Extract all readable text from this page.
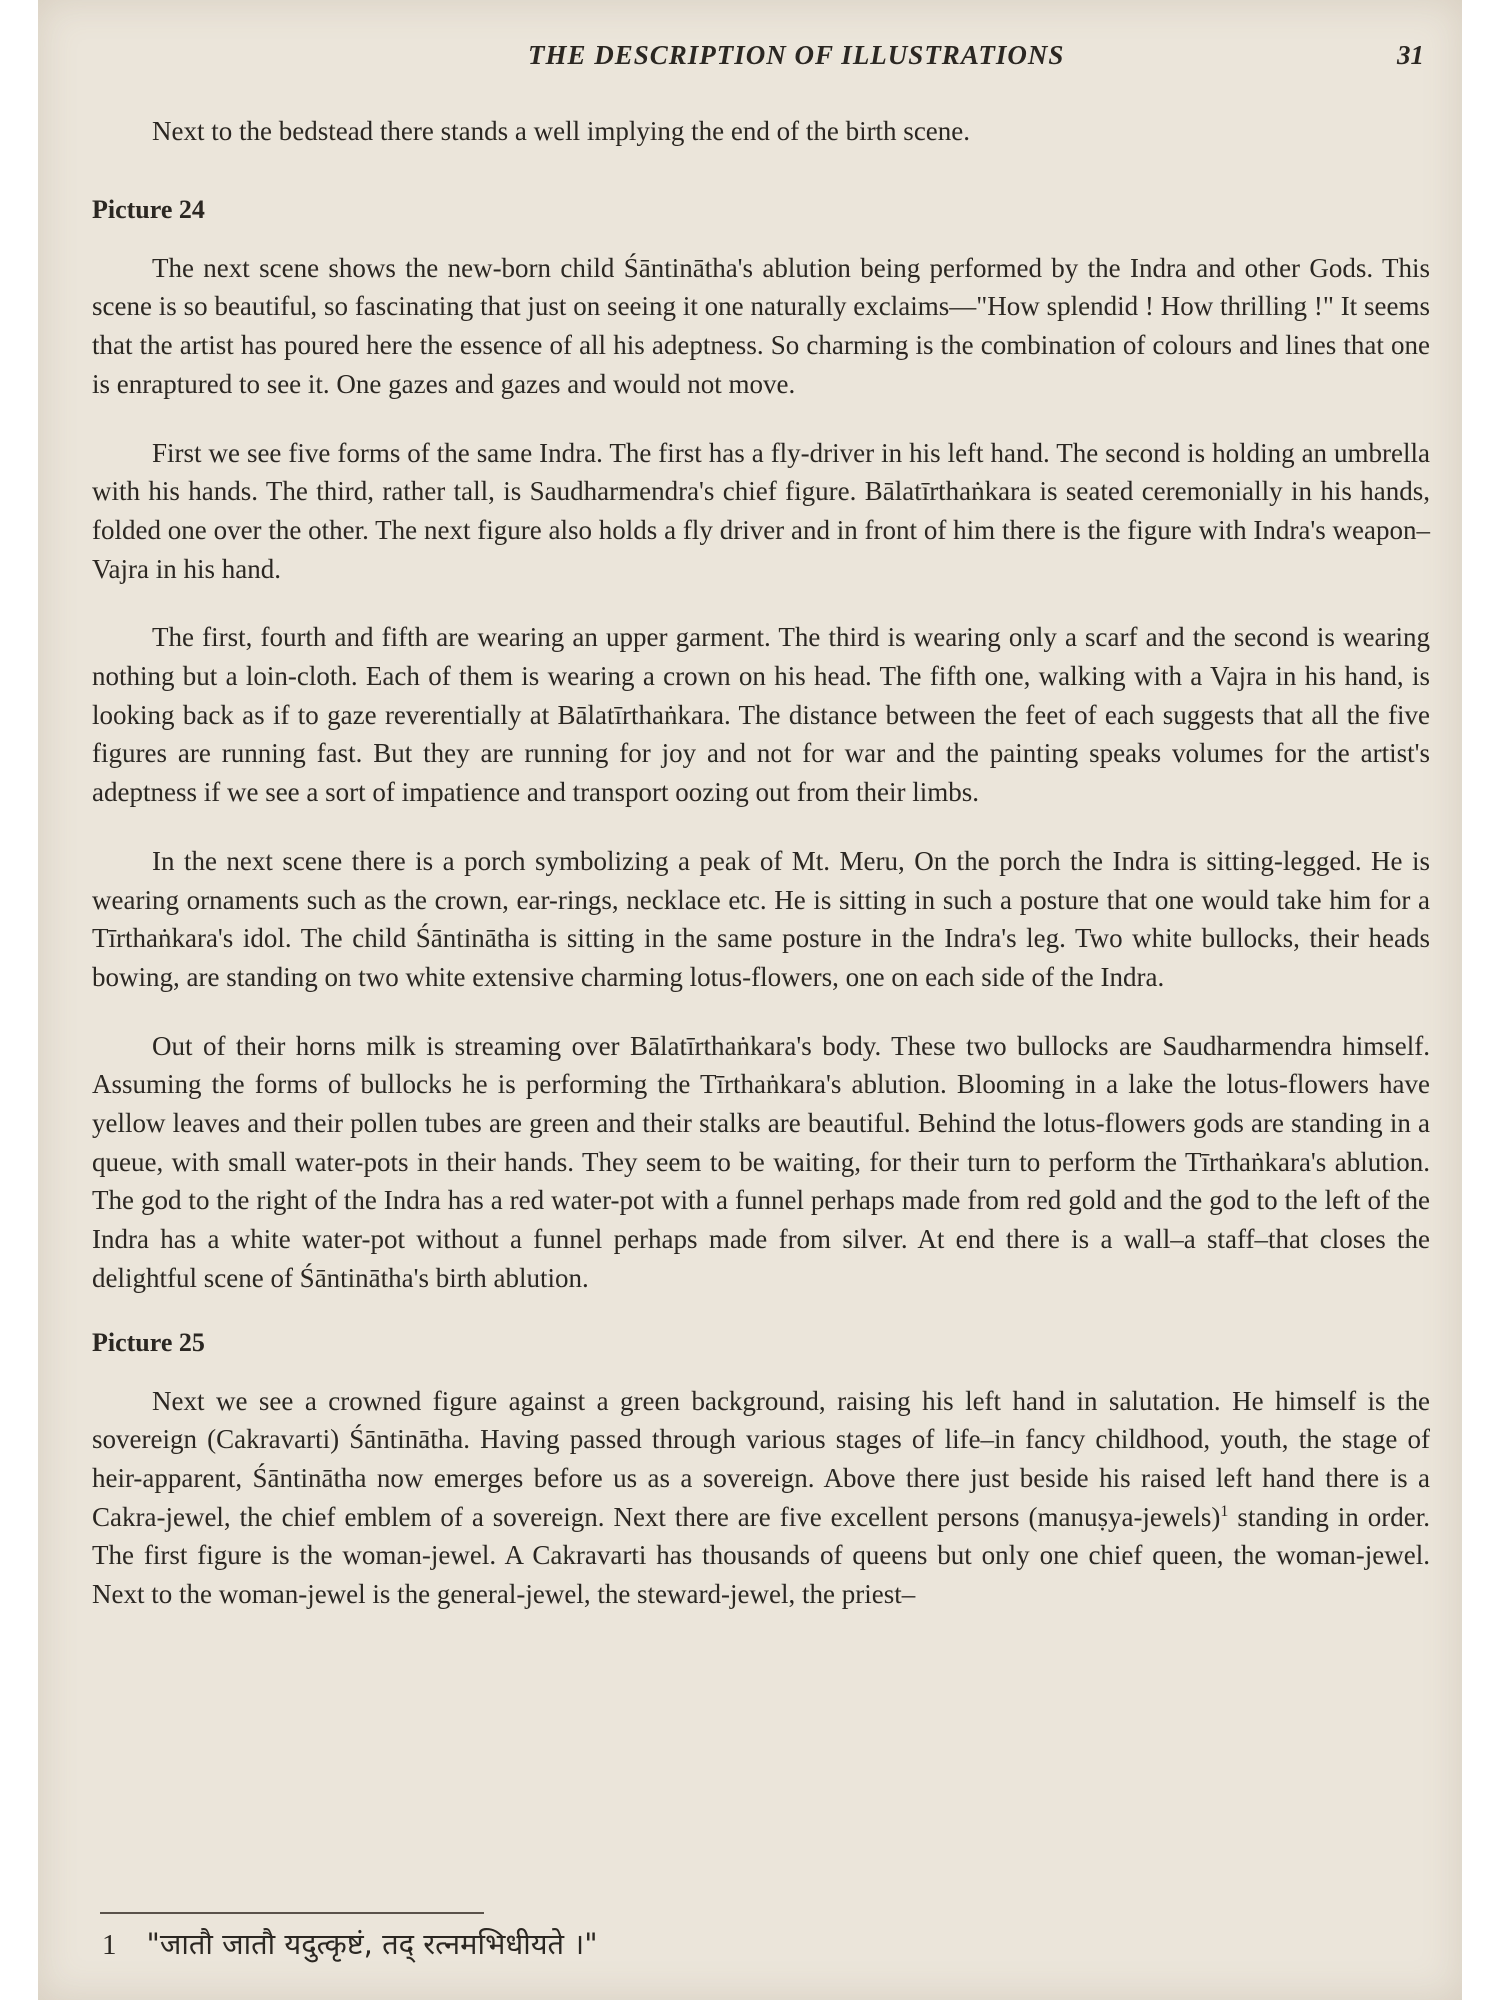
THE DESCRIPTION OF ILLUSTRATIONS	31

Next to the bedstead there stands a well implying the end of the birth scene.

Picture 24

The next scene shows the new-born child Śāntinātha's ablution being performed by the Indra and other Gods. This scene is so beautiful, so fascinating that just on seeing it one naturally exclaims—"How splendid ! How thrilling !" It seems that the artist has poured here the essence of all his adeptness. So charming is the combination of colours and lines that one is enraptured to see it. One gazes and gazes and would not move.

First we see five forms of the same Indra. The first has a fly-driver in his left hand. The second is holding an umbrella with his hands. The third, rather tall, is Saudharmendra's chief figure. Bālatīrthaṅkara is seated ceremonially in his hands, folded one over the other. The next figure also holds a fly driver and in front of him there is the figure with Indra's weapon–Vajra in his hand.

The first, fourth and fifth are wearing an upper garment. The third is wearing only a scarf and the second is wearing nothing but a loin-cloth. Each of them is wearing a crown on his head. The fifth one, walking with a Vajra in his hand, is looking back as if to gaze reverentially at Bālatīrthaṅkara. The distance between the feet of each suggests that all the five figures are running fast. But they are running for joy and not for war and the painting speaks volumes for the artist's adeptness if we see a sort of impatience and transport oozing out from their limbs.

In the next scene there is a porch symbolizing a peak of Mt. Meru, On the porch the Indra is sitting-legged. He is wearing ornaments such as the crown, ear-rings, necklace etc. He is sitting in such a posture that one would take him for a Tīrthaṅkara's idol. The child Śāntinātha is sitting in the same posture in the Indra's leg. Two white bullocks, their heads bowing, are standing on two white extensive charming lotus-flowers, one on each side of the Indra.

Out of their horns milk is streaming over Bālatīrthaṅkara's body. These two bullocks are Saudharmendra himself. Assuming the forms of bullocks he is performing the Tīrthaṅkara's ablution. Blooming in a lake the lotus-flowers have yellow leaves and their pollen tubes are green and their stalks are beautiful. Behind the lotus-flowers gods are standing in a queue, with small water-pots in their hands. They seem to be waiting, for their turn to perform the Tīrthaṅkara's ablution. The god to the right of the Indra has a red water-pot with a funnel perhaps made from red gold and the god to the left of the Indra has a white water-pot without a funnel perhaps made from silver. At end there is a wall–a staff–that closes the delightful scene of Śāntinātha's birth ablution.

Picture 25

Next we see a crowned figure against a green background, raising his left hand in salutation. He himself is the sovereign (Cakravarti) Śāntinātha. Having passed through various stages of life–in fancy childhood, youth, the stage of heir-apparent, Śāntinātha now emerges before us as a sovereign. Above there just beside his raised left hand there is a Cakra-jewel, the chief emblem of a sovereign. Next there are five excellent persons (manuṣya-jewels)$^1$ standing in order. The first figure is the woman-jewel. A Cakravarti has thousands of queens but only one chief queen, the woman-jewel. Next to the woman-jewel is the general-jewel, the steward-jewel, the priest–

1 "जातौ जातौ यदुत्कृष्टं, तद् रत्नमभिधीयते ।"
